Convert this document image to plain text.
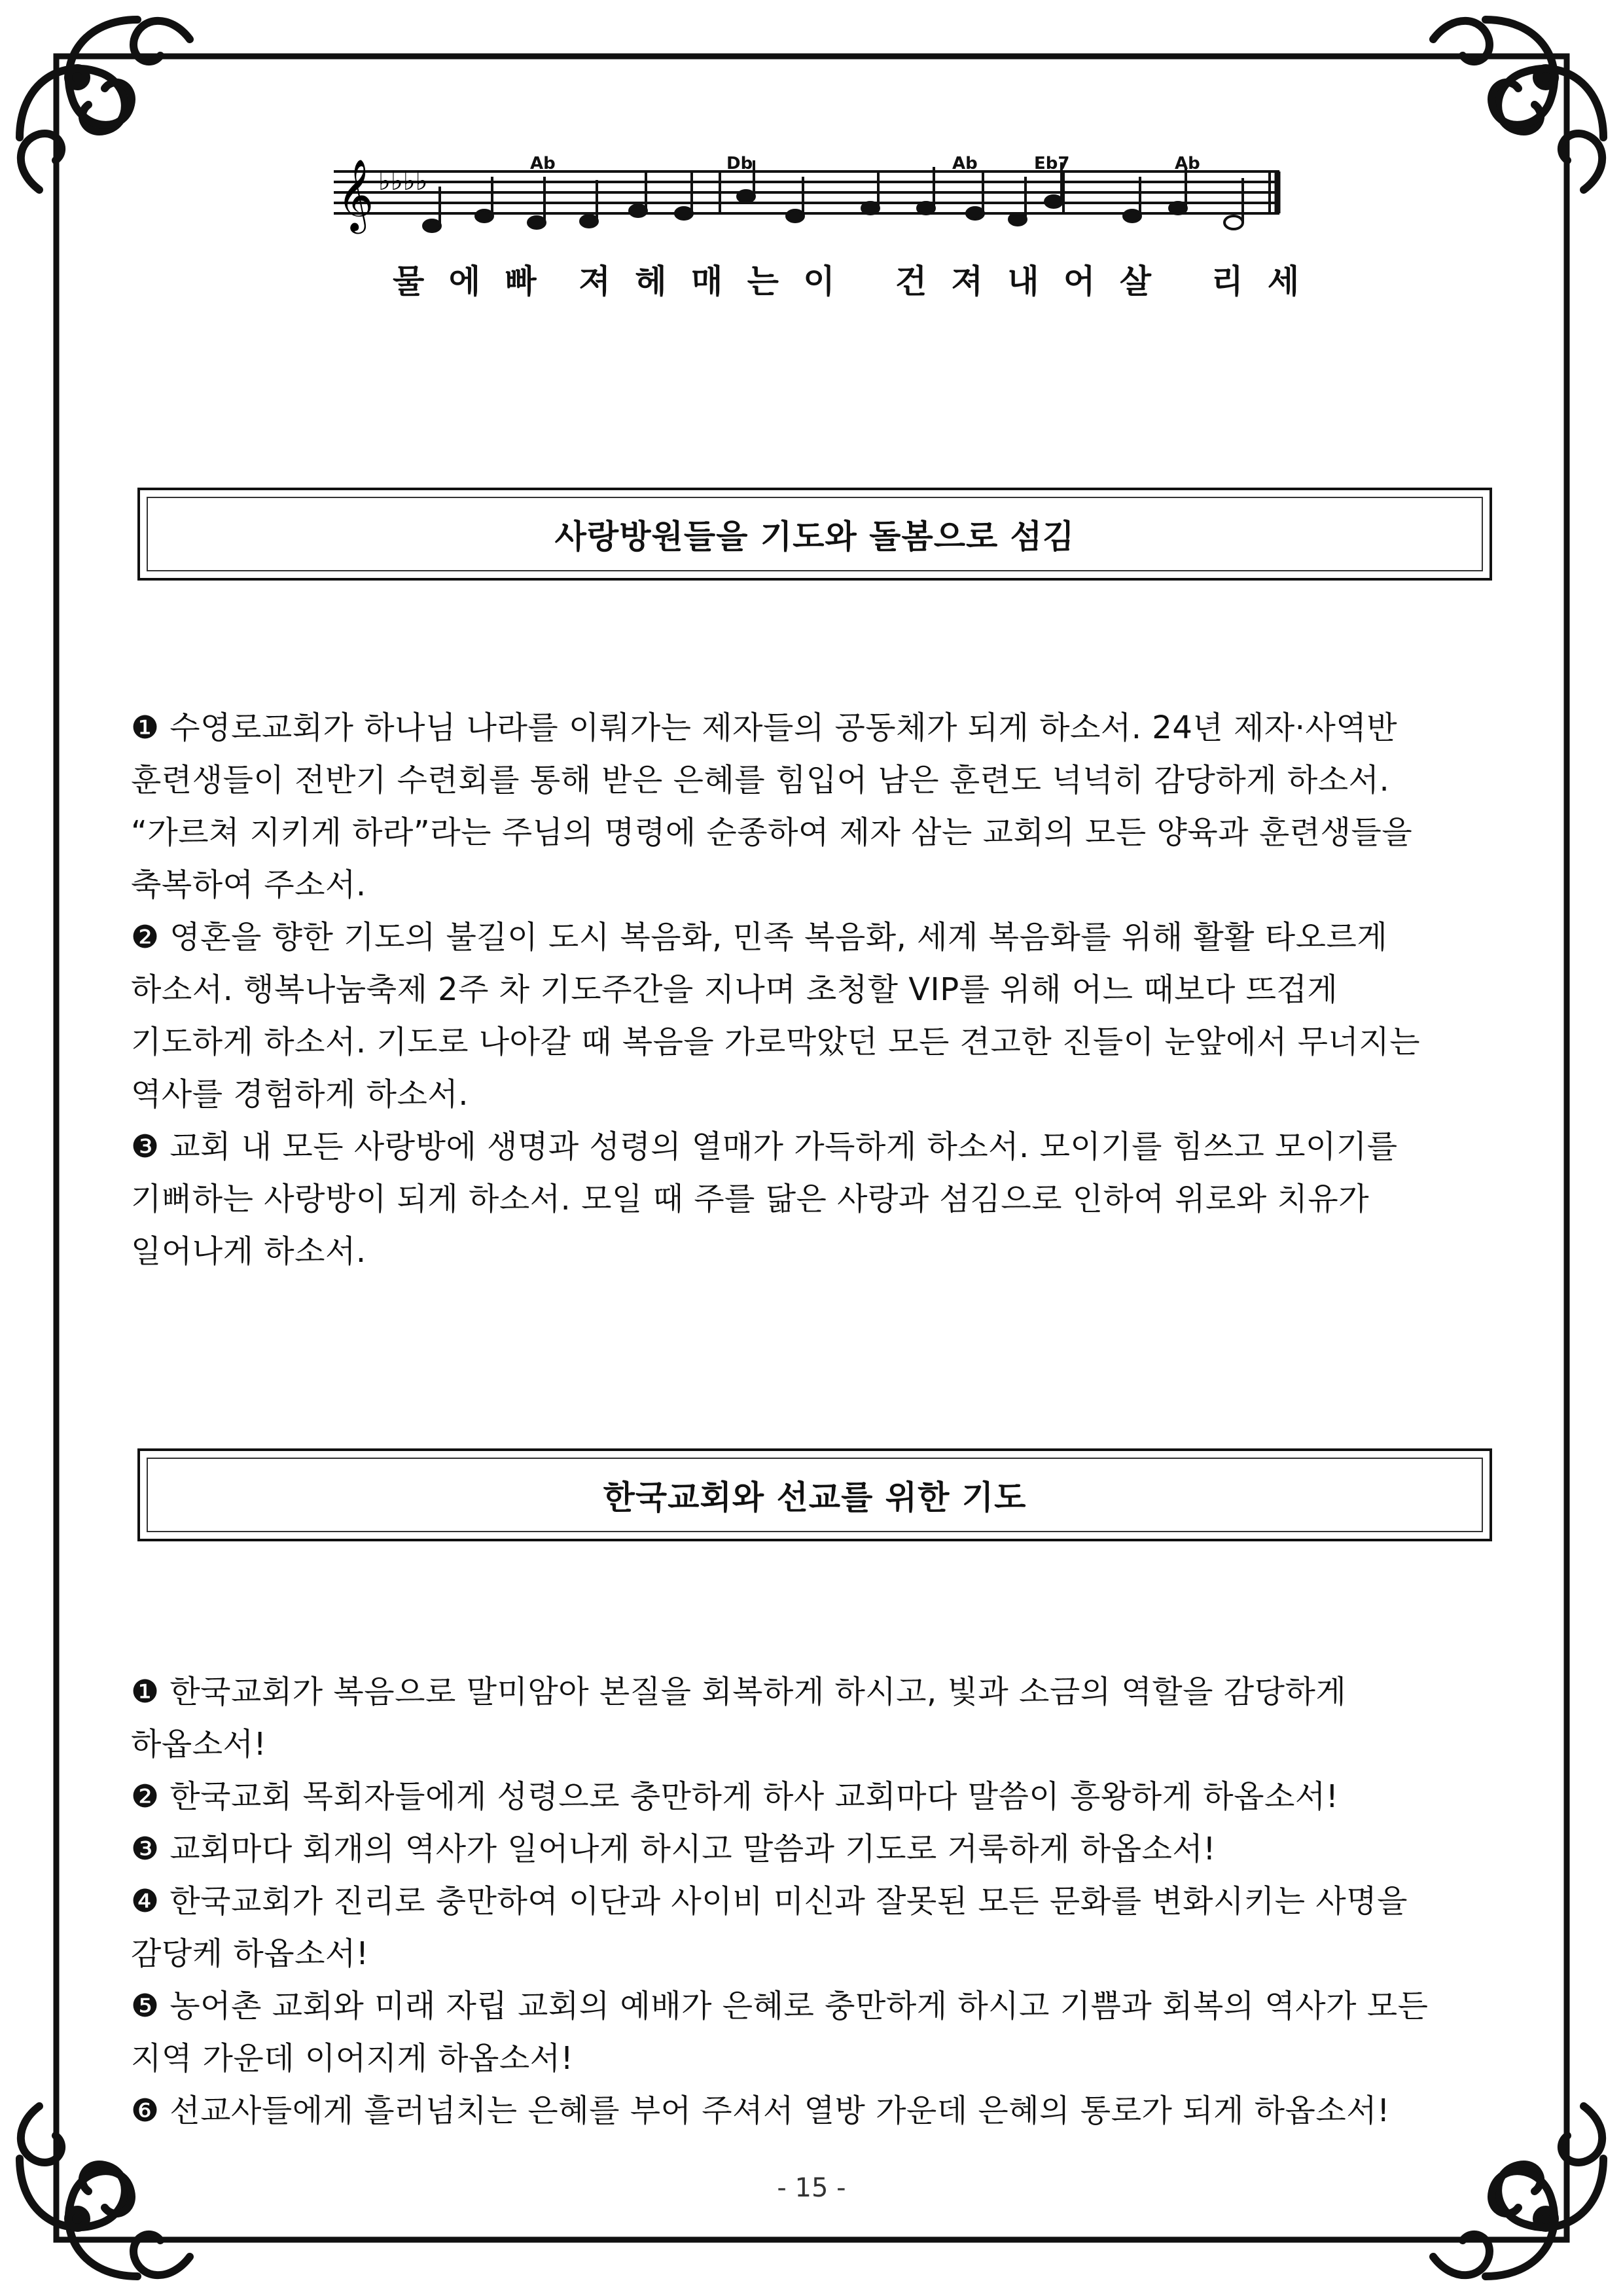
𝄞 ♭♭♭♭
Ab	Db	Ab	Eb7	Ab
물 에 빠  져 헤 매 는 이   건 져 내 어 살   리 세
사랑방원들을 기도와 돌봄으로 섬김

❶ 수영로교회가 하나님 나라를 이뤄가는 제자들의 공동체가 되게 하소서. 24년 제자·사역반

훈련생들이 전반기 수련회를 통해 받은 은혜를 힘입어 남은 훈련도 넉넉히 감당하게 하소서.

“가르쳐 지키게 하라”라는 주님의 명령에 순종하여 제자 삼는 교회의 모든 양육과 훈련생들을

축복하여 주소서.

❷ 영혼을 향한 기도의 불길이 도시 복음화, 민족 복음화, 세계 복음화를 위해 활활 타오르게

하소서. 행복나눔축제 2주 차 기도주간을 지나며 초청할 VIP를 위해 어느 때보다 뜨겁게

기도하게 하소서. 기도로 나아갈 때 복음을 가로막았던 모든 견고한 진들이 눈앞에서 무너지는

역사를 경험하게 하소서.

❸ 교회 내 모든 사랑방에 생명과 성령의 열매가 가득하게 하소서. 모이기를 힘쓰고 모이기를

기뻐하는 사랑방이 되게 하소서. 모일 때 주를 닮은 사랑과 섬김으로 인하여 위로와 치유가

일어나게 하소서.

한국교회와 선교를 위한 기도

❶ 한국교회가 복음으로 말미암아 본질을 회복하게 하시고, 빛과 소금의 역할을 감당하게

하옵소서!

❷ 한국교회 목회자들에게 성령으로 충만하게 하사 교회마다 말씀이 흥왕하게 하옵소서!

❸ 교회마다 회개의 역사가 일어나게 하시고 말씀과 기도로 거룩하게 하옵소서!

❹ 한국교회가 진리로 충만하여 이단과 사이비 미신과 잘못된 모든 문화를 변화시키는 사명을

감당케 하옵소서!

❺ 농어촌 교회와 미래 자립 교회의 예배가 은혜로 충만하게 하시고 기쁨과 회복의 역사가 모든

지역 가운데 이어지게 하옵소서!

❻ 선교사들에게 흘러넘치는 은혜를 부어 주셔서 열방 가운데 은혜의 통로가 되게 하옵소서!

- 15 -
